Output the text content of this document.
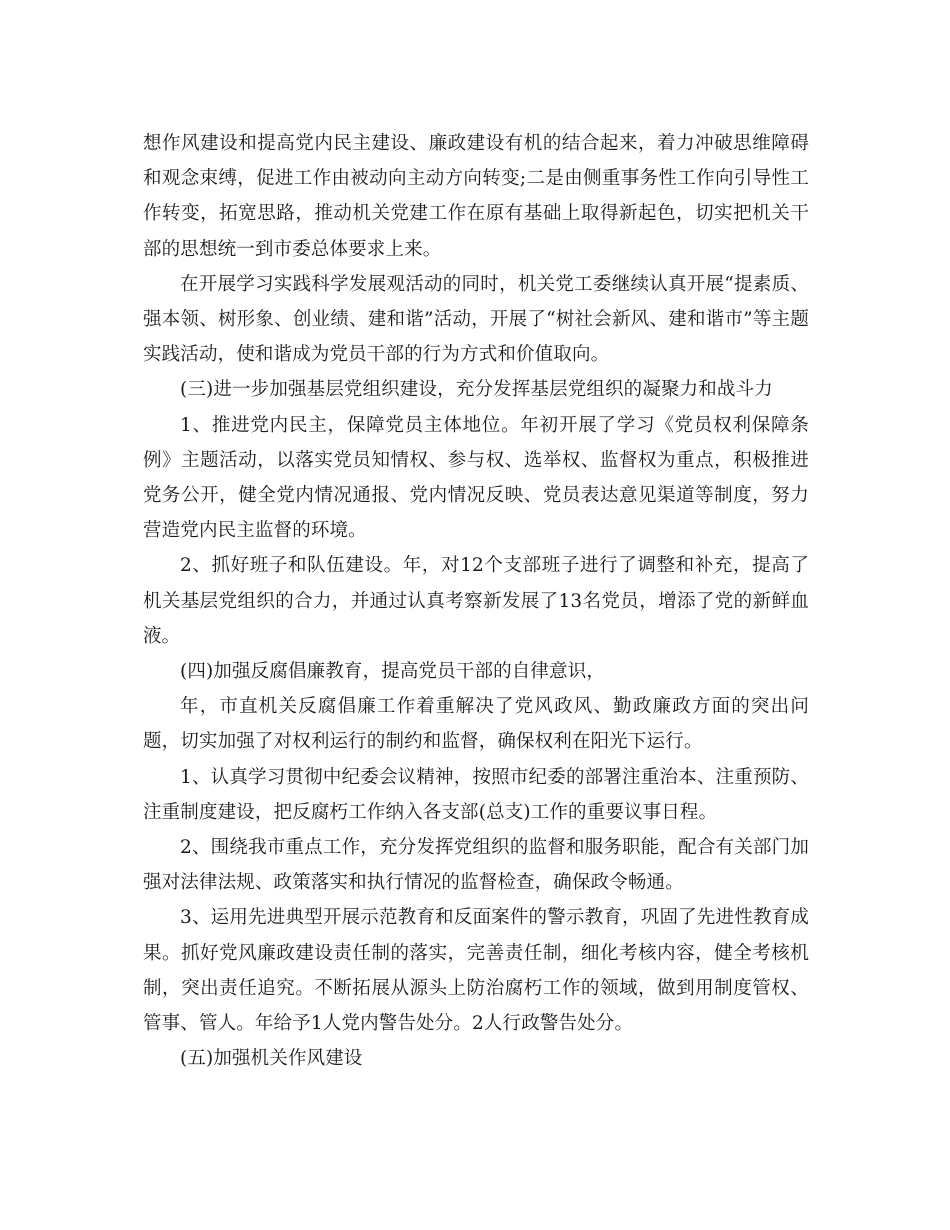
想作风建设和提高党内民主建设、廉政建设有机的结合起来，着力冲破思维障碍和观念束缚，促进工作由被动向主动方向转变;二是由侧重事务性工作向引导性工作转变，拓宽思路，推动机关党建工作在原有基础上取得新起色，切实把机关干部的思想统一到市委总体要求上来。

在开展学习实践科学发展观活动的同时，机关党工委继续认真开展“提素质、强本领、树形象、创业绩、建和谐”活动，开展了“树社会新风、建和谐市”等主题实践活动，使和谐成为党员干部的行为方式和价值取向。

(三)进一步加强基层党组织建设，充分发挥基层党组织的凝聚力和战斗力

1、推进党内民主，保障党员主体地位。年初开展了学习《党员权利保障条例》主题活动，以落实党员知情权、参与权、选举权、监督权为重点，积极推进党务公开，健全党内情况通报、党内情况反映、党员表达意见渠道等制度，努力营造党内民主监督的环境。

2、抓好班子和队伍建设。年，对12个支部班子进行了调整和补充，提高了机关基层党组织的合力，并通过认真考察新发展了13名党员，增添了党的新鲜血液。

(四)加强反腐倡廉教育，提高党员干部的自律意识，

年，市直机关反腐倡廉工作着重解决了党风政风、勤政廉政方面的突出问题，切实加强了对权利运行的制约和监督，确保权利在阳光下运行。

1、认真学习贯彻中纪委会议精神，按照市纪委的部署注重治本、注重预防、注重制度建设，把反腐朽工作纳入各支部(总支)工作的重要议事日程。

2、围绕我市重点工作，充分发挥党组织的监督和服务职能，配合有关部门加强对法律法规、政策落实和执行情况的监督检查，确保政令畅通。

3、运用先进典型开展示范教育和反面案件的警示教育，巩固了先进性教育成果。抓好党风廉政建设责任制的落实，完善责任制，细化考核内容，健全考核机制，突出责任追究。不断拓展从源头上防治腐朽工作的领域，做到用制度管权、管事、管人。年给予1人党内警告处分。2人行政警告处分。

(五)加强机关作风建设
